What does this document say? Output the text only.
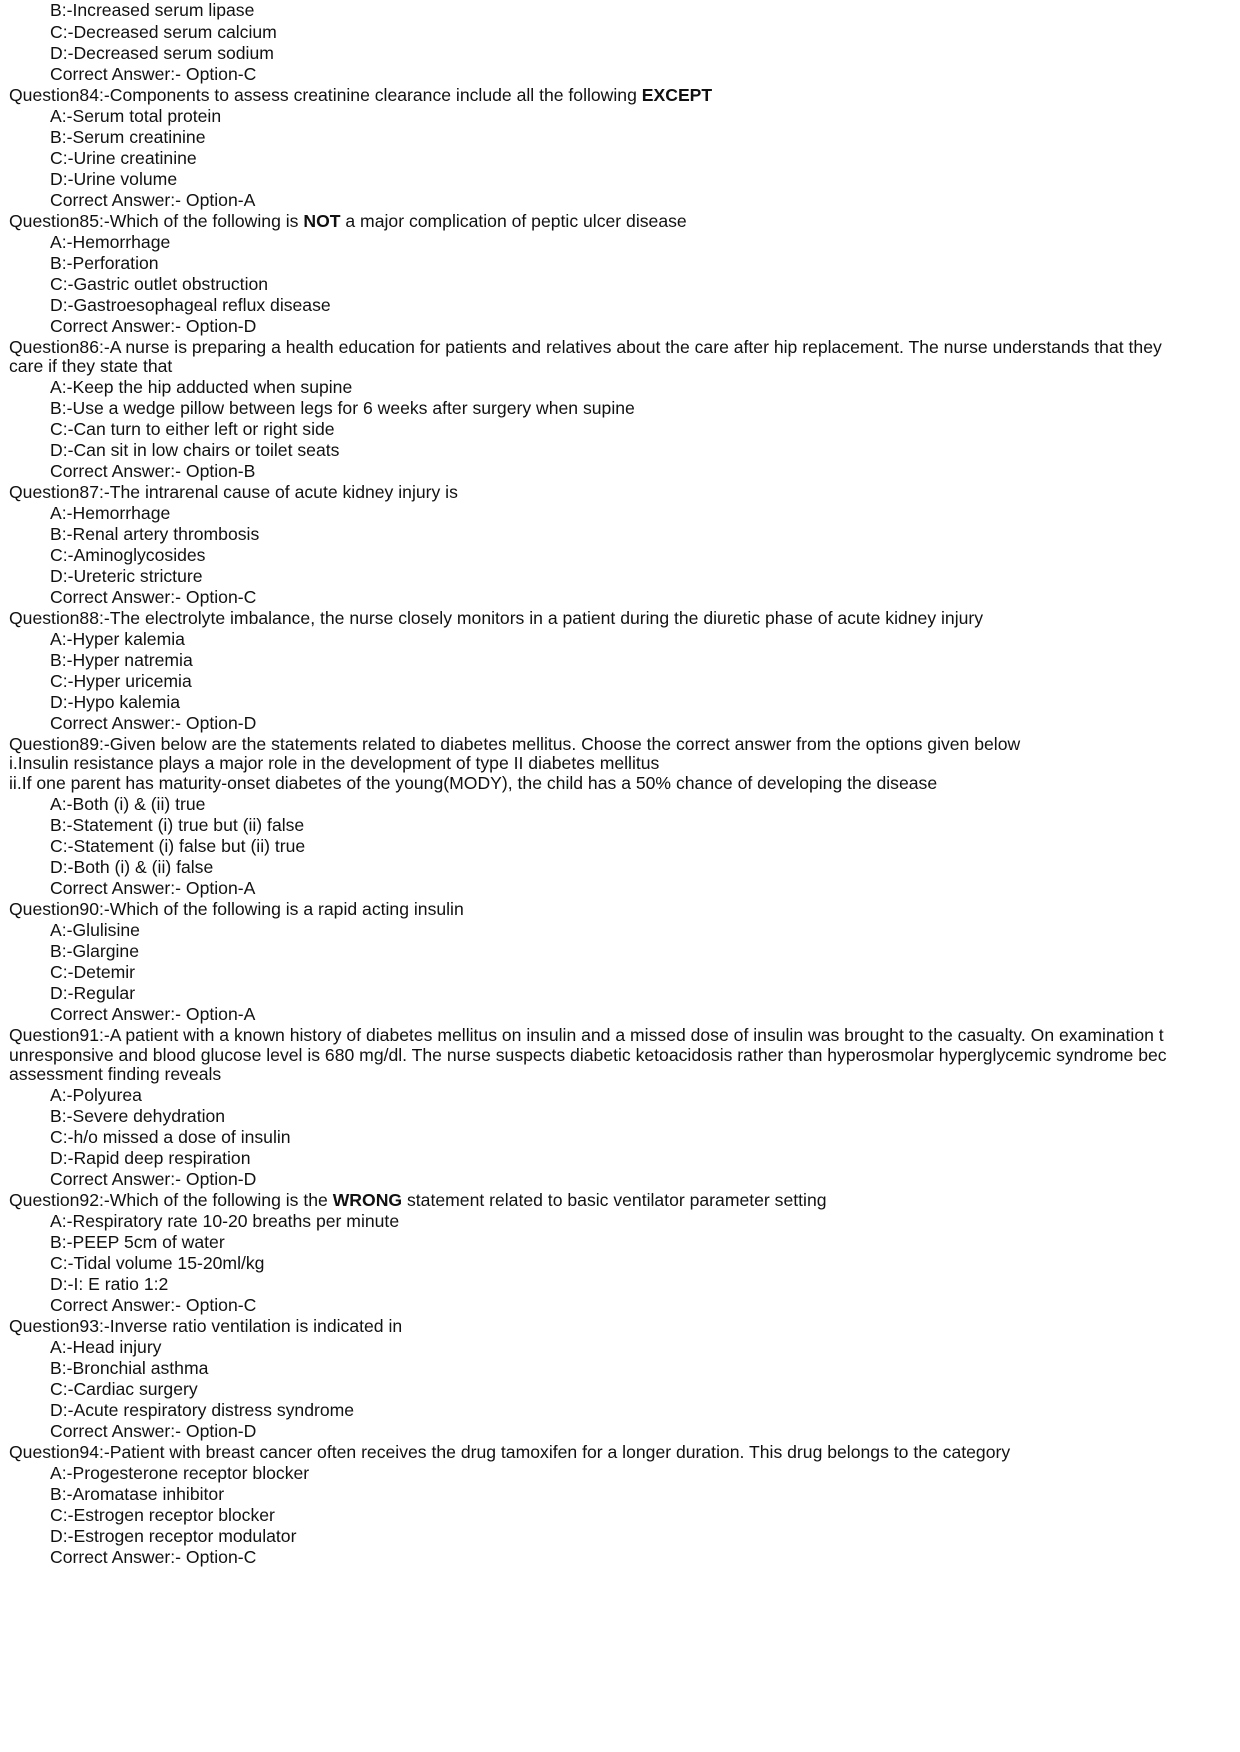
B:-Increased serum lipase
C:-Decreased serum calcium
D:-Decreased serum sodium
Correct Answer:- Option-C
Question84:-Components to assess creatinine clearance include all the following EXCEPT
A:-Serum total protein
B:-Serum creatinine
C:-Urine creatinine
D:-Urine volume
Correct Answer:- Option-A
Question85:-Which of the following is NOT a major complication of peptic ulcer disease
A:-Hemorrhage
B:-Perforation
C:-Gastric outlet obstruction
D:-Gastroesophageal reflux disease
Correct Answer:- Option-D
Question86:-A nurse is preparing a health education for patients and relatives about the care after hip replacement. The nurse understands that they
care if they state that
A:-Keep the hip adducted when supine
B:-Use a wedge pillow between legs for 6 weeks after surgery when supine
C:-Can turn to either left or right side
D:-Can sit in low chairs or toilet seats
Correct Answer:- Option-B
Question87:-The intrarenal cause of acute kidney injury is
A:-Hemorrhage
B:-Renal artery thrombosis
C:-Aminoglycosides
D:-Ureteric stricture
Correct Answer:- Option-C
Question88:-The electrolyte imbalance, the nurse closely monitors in a patient during the diuretic phase of acute kidney injury
A:-Hyper kalemia
B:-Hyper natremia
C:-Hyper uricemia
D:-Hypo kalemia
Correct Answer:- Option-D
Question89:-Given below are the statements related to diabetes mellitus. Choose the correct answer from the options given below
i.Insulin resistance plays a major role in the development of type II diabetes mellitus
ii.If one parent has maturity-onset diabetes of the young(MODY), the child has a 50% chance of developing the disease
A:-Both (i) & (ii) true
B:-Statement (i) true but (ii) false
C:-Statement (i) false but (ii) true
D:-Both (i) & (ii) false
Correct Answer:- Option-A
Question90:-Which of the following is a rapid acting insulin
A:-Glulisine
B:-Glargine
C:-Detemir
D:-Regular
Correct Answer:- Option-A
Question91:-A patient with a known history of diabetes mellitus on insulin and a missed dose of insulin was brought to the casualty. On examination t
unresponsive and blood glucose level is 680 mg/dl. The nurse suspects diabetic ketoacidosis rather than hyperosmolar hyperglycemic syndrome bec
assessment finding reveals
A:-Polyurea
B:-Severe dehydration
C:-h/o missed a dose of insulin
D:-Rapid deep respiration
Correct Answer:- Option-D
Question92:-Which of the following is the WRONG statement related to basic ventilator parameter setting
A:-Respiratory rate 10-20 breaths per minute
B:-PEEP 5cm of water
C:-Tidal volume 15-20ml/kg
D:-I: E ratio 1:2
Correct Answer:- Option-C
Question93:-Inverse ratio ventilation is indicated in
A:-Head injury
B:-Bronchial asthma
C:-Cardiac surgery
D:-Acute respiratory distress syndrome
Correct Answer:- Option-D
Question94:-Patient with breast cancer often receives the drug tamoxifen for a longer duration. This drug belongs to the category
A:-Progesterone receptor blocker
B:-Aromatase inhibitor
C:-Estrogen receptor blocker
D:-Estrogen receptor modulator
Correct Answer:- Option-C
